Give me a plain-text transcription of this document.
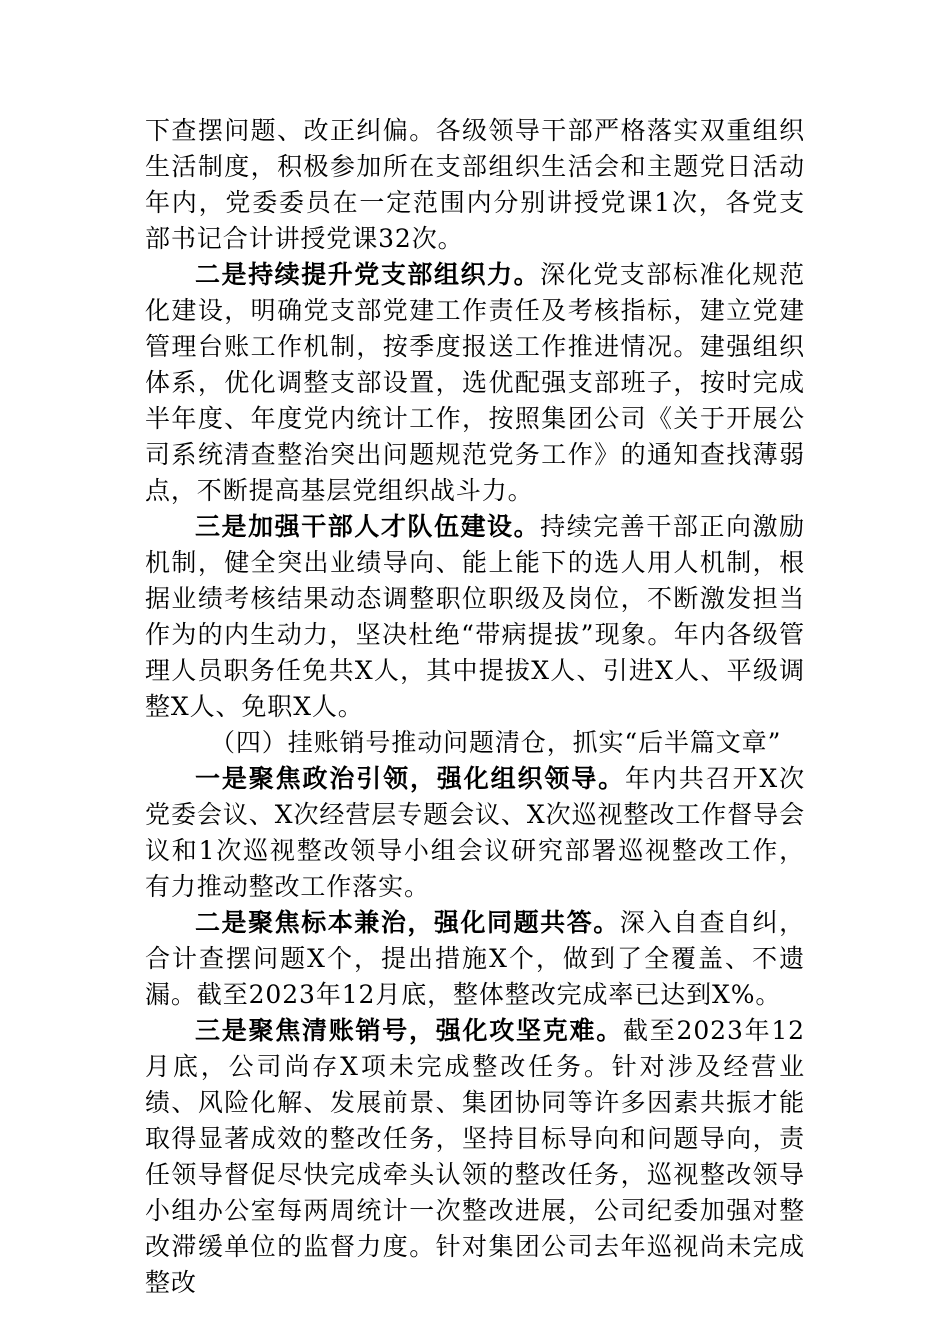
下查摆问题、改正纠偏。各级领导干部严格落实双重组织生活制度，积极参加所在支部组织生活会和主题党日活动年内，党委委员在一定范围内分别讲授党课1次，各党支部书记合计讲授党课32次。

二是持续提升党支部组织力。深化党支部标准化规范化建设，明确党支部党建工作责任及考核指标，建立党建管理台账工作机制，按季度报送工作推进情况。建强组织体系，优化调整支部设置，选优配强支部班子，按时完成半年度、年度党内统计工作，按照集团公司《关于开展公司系统清查整治突出问题规范党务工作》的通知查找薄弱点，不断提高基层党组织战斗力。

三是加强干部人才队伍建设。持续完善干部正向激励机制，健全突出业绩导向、能上能下的选人用人机制，根据业绩考核结果动态调整职位职级及岗位，不断激发担当作为的内生动力，坚决杜绝“带病提拔”现象。年内各级管理人员职务任免共X人，其中提拔X人、引进X人、平级调整X人、免职X人。

（四）挂账销号推动问题清仓，抓实“后半篇文章”

一是聚焦政治引领，强化组织领导。年内共召开X次党委会议、X次经营层专题会议、X次巡视整改工作督导会议和1次巡视整改领导小组会议研究部署巡视整改工作，有力推动整改工作落实。

二是聚焦标本兼治，强化同题共答。深入自查自纠，合计查摆问题X个，提出措施X个，做到了全覆盖、不遗漏。截至2023年12月底，整体整改完成率已达到X%。

三是聚焦清账销号，强化攻坚克难。截至2023年12月底，公司尚存X项未完成整改任务。针对涉及经营业绩、风险化解、发展前景、集团协同等许多因素共振才能取得显著成效的整改任务，坚持目标导向和问题导向，责任领导督促尽快完成牵头认领的整改任务，巡视整改领导小组办公室每两周统计一次整改进展，公司纪委加强对整改滞缓单位的监督力度。针对集团公司去年巡视尚未完成整改
